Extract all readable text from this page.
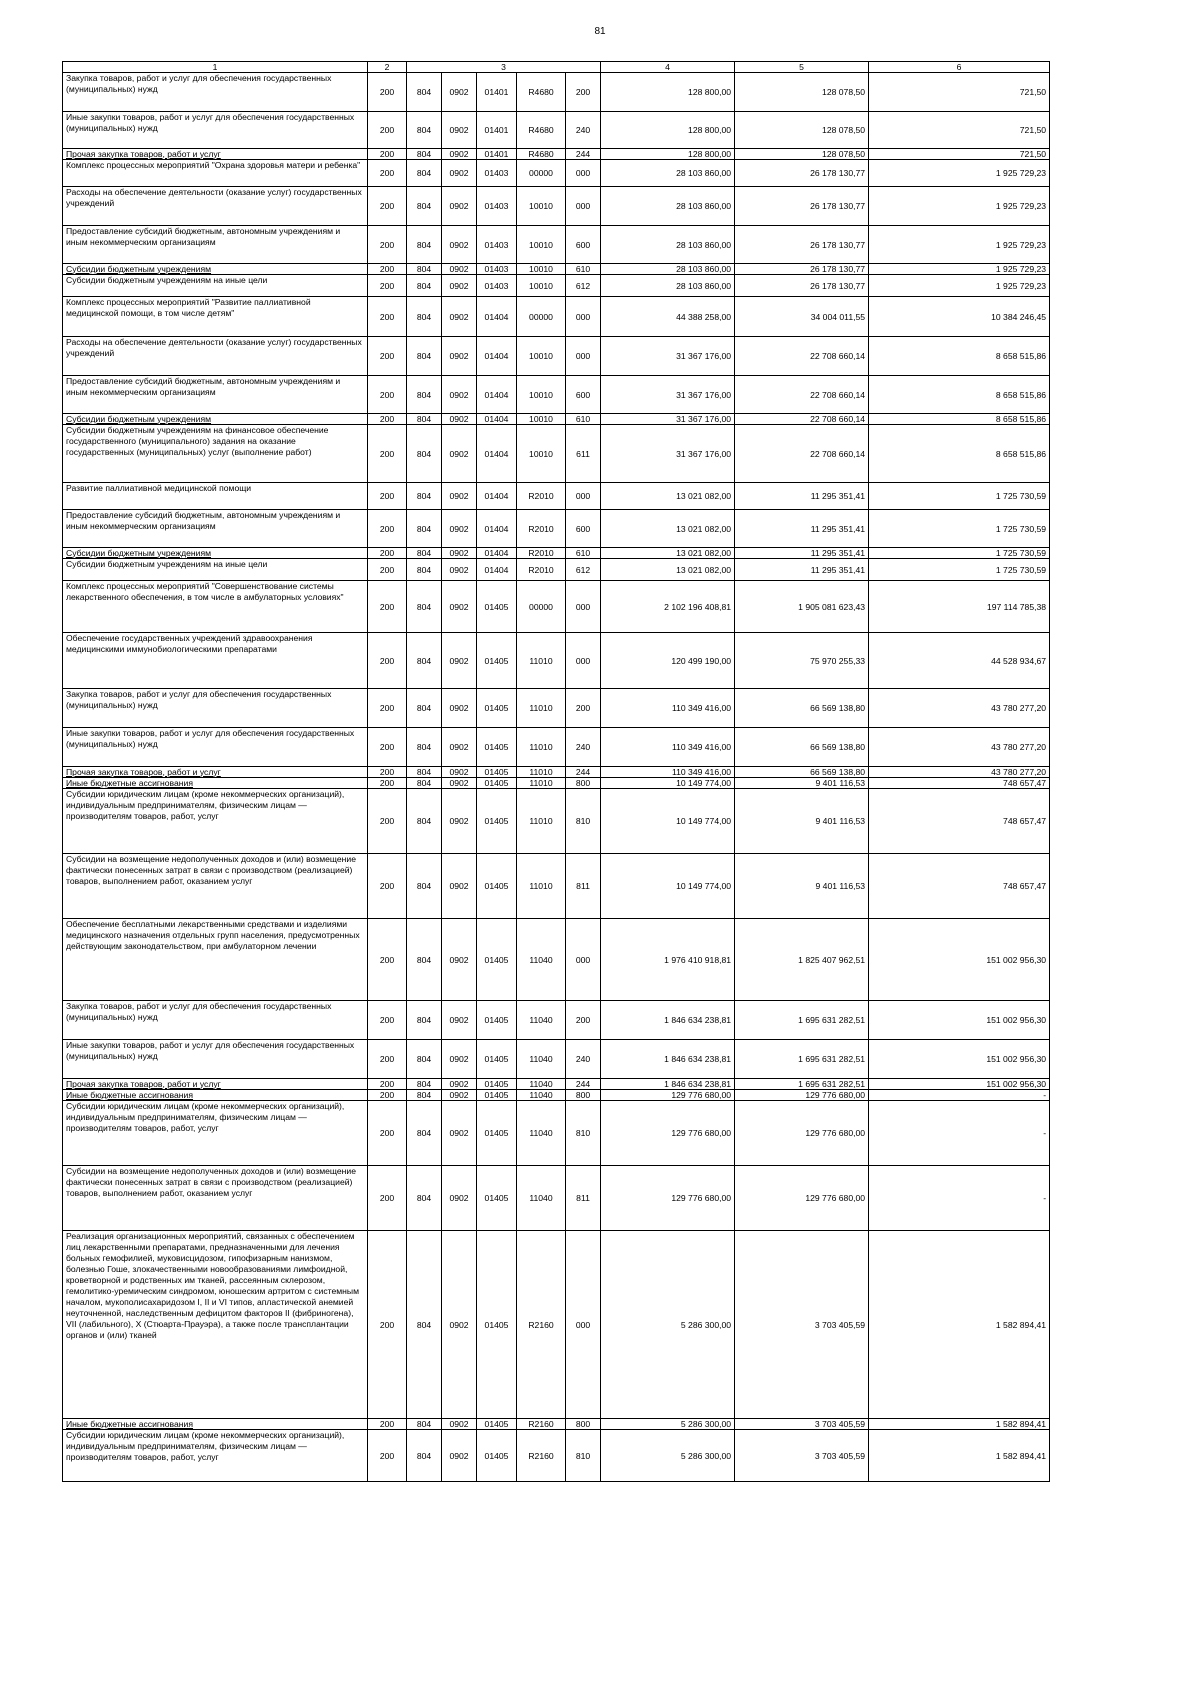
81
1	2	3					4	5	6
Закупка товаров, работ и услуг для обеспечения государственных (муниципальных) нужд	200	804	0902	01401	R4680	200	128 800,00	128 078,50	721,50
Иные закупки товаров, работ и услуг для обеспечения государственных (муниципальных) нужд	200	804	0902	01401	R4680	240	128 800,00	128 078,50	721,50
Прочая закупка товаров, работ и услуг	200	804	0902	01401	R4680	244	128 800,00	128 078,50	721,50
Комплекс процессных мероприятий "Охрана здоровья матери и ребенка"	200	804	0902	01403	00000	000	28 103 860,00	26 178 130,77	1 925 729,23
Расходы на обеспечение деятельности (оказание услуг) государственных учреждений	200	804	0902	01403	10010	000	28 103 860,00	26 178 130,77	1 925 729,23
Предоставление субсидий бюджетным, автономным учреждениям и иным некоммерческим организациям	200	804	0902	01403	10010	600	28 103 860,00	26 178 130,77	1 925 729,23
Субсидии бюджетным учреждениям	200	804	0902	01403	10010	610	28 103 860,00	26 178 130,77	1 925 729,23
Субсидии бюджетным учреждениям на иные цели	200	804	0902	01403	10010	612	28 103 860,00	26 178 130,77	1 925 729,23
Комплекс процессных мероприятий "Развитие паллиативной медицинской помощи, в том числе детям"	200	804	0902	01404	00000	000	44 388 258,00	34 004 011,55	10 384 246,45
Расходы на обеспечение деятельности (оказание услуг) государственных учреждений	200	804	0902	01404	10010	000	31 367 176,00	22 708 660,14	8 658 515,86
Предоставление субсидий бюджетным, автономным учреждениям и иным некоммерческим организациям	200	804	0902	01404	10010	600	31 367 176,00	22 708 660,14	8 658 515,86
Субсидии бюджетным учреждениям	200	804	0902	01404	10010	610	31 367 176,00	22 708 660,14	8 658 515,86
Субсидии бюджетным учреждениям на финансовое обеспечение государственного (муниципального) задания на оказание государственных (муниципальных) услуг (выполнение работ)	200	804	0902	01404	10010	611	31 367 176,00	22 708 660,14	8 658 515,86
Развитие паллиативной медицинской помощи	200	804	0902	01404	R2010	000	13 021 082,00	11 295 351,41	1 725 730,59
Предоставление субсидий бюджетным, автономным учреждениям и иным некоммерческим организациям	200	804	0902	01404	R2010	600	13 021 082,00	11 295 351,41	1 725 730,59
Субсидии бюджетным учреждениям	200	804	0902	01404	R2010	610	13 021 082,00	11 295 351,41	1 725 730,59
Субсидии бюджетным учреждениям на иные цели	200	804	0902	01404	R2010	612	13 021 082,00	11 295 351,41	1 725 730,59
Комплекс процессных мероприятий "Совершенствование системы лекарственного обеспечения, в том числе в амбулаторных условиях"	200	804	0902	01405	00000	000	2 102 196 408,81	1 905 081 623,43	197 114 785,38
Обеспечение государственных учреждений здравоохранения медицинскими иммунобиологическими препаратами	200	804	0902	01405	11010	000	120 499 190,00	75 970 255,33	44 528 934,67
Закупка товаров, работ и услуг для обеспечения государственных (муниципальных) нужд	200	804	0902	01405	11010	200	110 349 416,00	66 569 138,80	43 780 277,20
Иные закупки товаров, работ и услуг для обеспечения государственных (муниципальных) нужд	200	804	0902	01405	11010	240	110 349 416,00	66 569 138,80	43 780 277,20
Прочая закупка товаров, работ и услуг	200	804	0902	01405	11010	244	110 349 416,00	66 569 138,80	43 780 277,20
Иные бюджетные ассигнования	200	804	0902	01405	11010	800	10 149 774,00	9 401 116,53	748 657,47
Субсидии юридическим лицам (кроме некоммерческих организаций), индивидуальным предпринимателям, физическим лицам — производителям товаров, работ, услуг	200	804	0902	01405	11010	810	10 149 774,00	9 401 116,53	748 657,47
Субсидии на возмещение недополученных доходов и (или) возмещение фактически понесенных затрат в связи с производством (реализацией) товаров, выполнением работ, оказанием услуг	200	804	0902	01405	11010	811	10 149 774,00	9 401 116,53	748 657,47
Обеспечение бесплатными лекарственными средствами и изделиями медицинского назначения отдельных групп населения, предусмотренных действующим законодательством, при амбулаторном лечении	200	804	0902	01405	11040	000	1 976 410 918,81	1 825 407 962,51	151 002 956,30
Закупка товаров, работ и услуг для обеспечения государственных (муниципальных) нужд	200	804	0902	01405	11040	200	1 846 634 238,81	1 695 631 282,51	151 002 956,30
Иные закупки товаров, работ и услуг для обеспечения государственных (муниципальных) нужд	200	804	0902	01405	11040	240	1 846 634 238,81	1 695 631 282,51	151 002 956,30
Прочая закупка товаров, работ и услуг	200	804	0902	01405	11040	244	1 846 634 238,81	1 695 631 282,51	151 002 956,30
Иные бюджетные ассигнования	200	804	0902	01405	11040	800	129 776 680,00	129 776 680,00	-
Субсидии юридическим лицам (кроме некоммерческих организаций), индивидуальным предпринимателям, физическим лицам — производителям товаров, работ, услуг	200	804	0902	01405	11040	810	129 776 680,00	129 776 680,00	-
Субсидии на возмещение недополученных доходов и (или) возмещение фактически понесенных затрат в связи с производством (реализацией) товаров, выполнением работ, оказанием услуг	200	804	0902	01405	11040	811	129 776 680,00	129 776 680,00	-
Реализация организационных мероприятий, связанных с обеспечением лиц лекарственными препаратами, предназначенными для лечения больных гемофилией, муковисцидозом, гипофизарным нанизмом, болезнью Гоше, злокачественными новообразованиями лимфоидной, кроветворной и родственных им тканей, рассеянным склерозом, гемолитико-уремическим синдромом, юношеским артритом с системным началом, мукополисахаридозом I, II и VI типов, апластической анемией неуточненной, наследственным дефицитом факторов II (фибриногена), VII (лабильного), X (Стюарта-Прауэра), а также после трансплантации органов и (или) тканей	200	804	0902	01405	R2160	000	5 286 300,00	3 703 405,59	1 582 894,41
Иные бюджетные ассигнования	200	804	0902	01405	R2160	800	5 286 300,00	3 703 405,59	1 582 894,41
Субсидии юридическим лицам (кроме некоммерческих организаций), индивидуальным предпринимателям, физическим лицам — производителям товаров, работ, услуг	200	804	0902	01405	R2160	810	5 286 300,00	3 703 405,59	1 582 894,41
